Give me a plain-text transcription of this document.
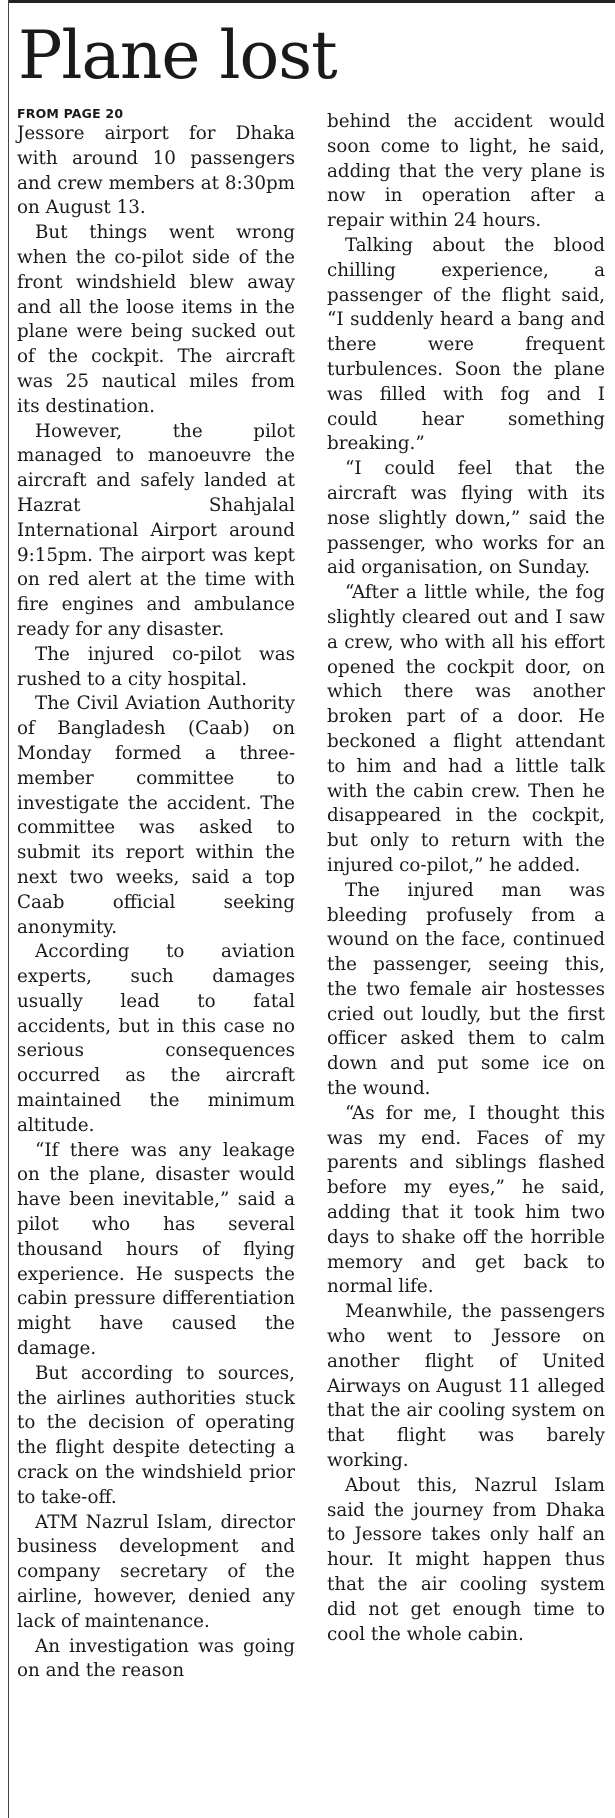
Plane lost
FROM PAGE 20

Jessore airport for Dhaka with around 10 passengers and crew members at 8:30pm on August 13.

But things went wrong when the co-pilot side of the front windshield blew away and all the loose items in the plane were being sucked out of the cockpit. The aircraft was 25 nautical miles from its destination.

However, the pilot managed to manoeuvre the aircraft and safely landed at Hazrat Shahjalal International Airport around 9:15pm. The airport was kept on red alert at the time with fire engines and ambulance ready for any disaster.

The injured co-pilot was rushed to a city hospital.

The Civil Aviation Authority of Bangladesh (Caab) on Monday formed a three-member committee to investigate the accident. The committee was asked to submit its report within the next two weeks, said a top Caab official seeking anonymity.

According to aviation experts, such damages usually lead to fatal accidents, but in this case no serious consequences occurred as the aircraft maintained the minimum altitude.

“If there was any leakage on the plane, disaster would have been inevitable,” said a pilot who has several thousand hours of flying experience. He suspects the cabin pressure differentiation might have caused the damage.

But according to sources, the airlines authorities stuck to the decision of operating the flight despite detecting a crack on the windshield prior to take-off.

ATM Nazrul Islam, director business development and company secretary of the airline, however, denied any lack of maintenance.

An investigation was going on and the reason

behind the accident would soon come to light, he said, adding that the very plane is now in operation after a repair within 24 hours.

Talking about the blood chilling experience, a passenger of the flight said, “I suddenly heard a bang and there were frequent turbulences. Soon the plane was filled with fog and I could hear something breaking.”

“I could feel that the aircraft was flying with its nose slightly down,” said the passenger, who works for an aid organisation, on Sunday.

“After a little while, the fog slightly cleared out and I saw a crew, who with all his effort opened the cockpit door, on which there was another broken part of a door. He beckoned a flight attendant to him and had a little talk with the cabin crew. Then he disappeared in the cockpit, but only to return with the injured co-pilot,” he added.

The injured man was bleeding profusely from a wound on the face, continued the passenger, seeing this, the two female air hostesses cried out loudly, but the first officer asked them to calm down and put some ice on the wound.

“As for me, I thought this was my end. Faces of my parents and siblings flashed before my eyes,” he said, adding that it took him two days to shake off the horrible memory and get back to normal life.

Meanwhile, the passengers who went to Jessore on another flight of United Airways on August 11 alleged that the air cooling system on that flight was barely working.

About this, Nazrul Islam said the journey from Dhaka to Jessore takes only half an hour. It might happen thus that the air cooling system did not get enough time to cool the whole cabin.
